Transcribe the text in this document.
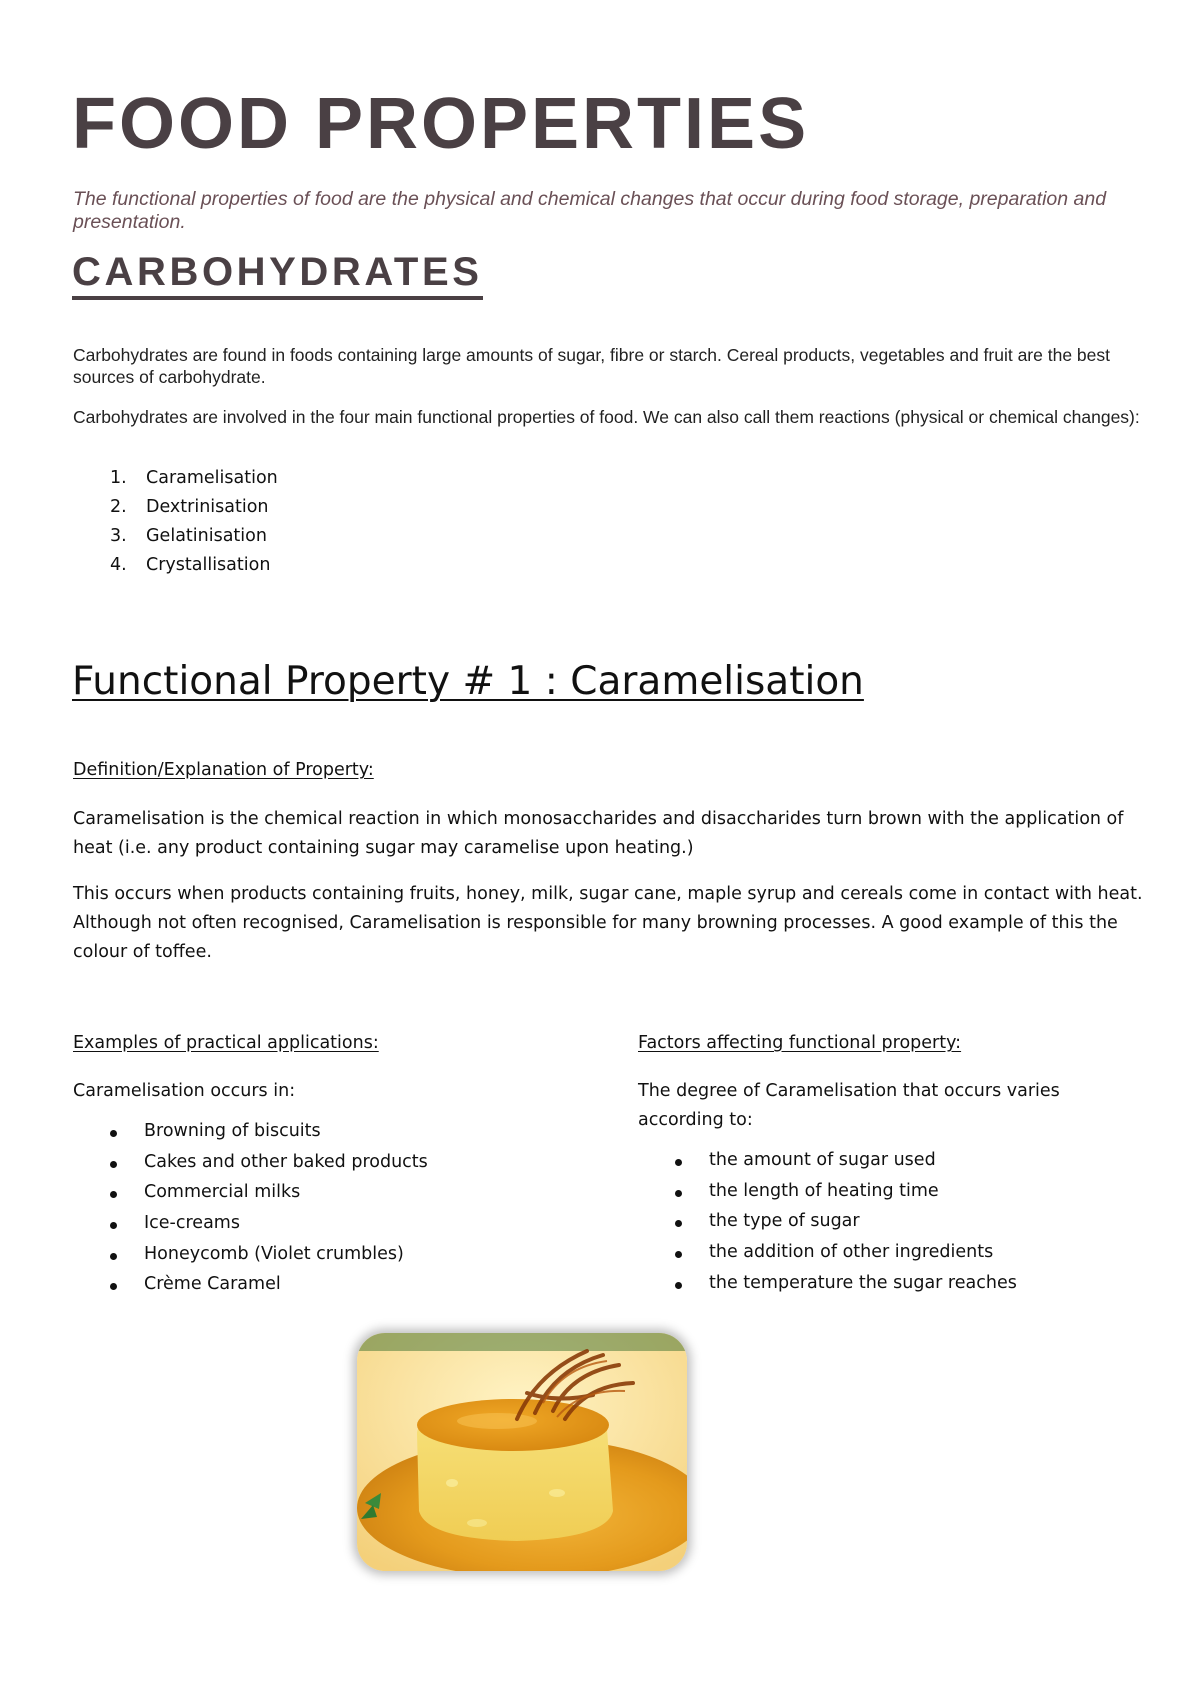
FOOD PROPERTIES

The functional properties of food are the physical and chemical changes that occur during food storage, preparation and presentation.

CARBOHYDRATES

Carbohydrates are found in foods containing large amounts of sugar, fibre or starch. Cereal products, vegetables and fruit are the best sources of carbohydrate.

Carbohydrates are involved in the four main functional properties of food. We can also call them reactions (physical or chemical changes):

1.	Caramelisation
2.	Dextrinisation
3.	Gelatinisation
4.	Crystallisation
Functional Property # 1 : Caramelisation

Definition/Explanation of Property:

Caramelisation is the chemical reaction in which monosaccharides and disaccharides turn brown with the application of heat (i.e. any product containing sugar may caramelise upon heating.)

This occurs when products containing fruits, honey, milk, sugar cane, maple syrup and cereals come in contact with heat. Although not often recognised, Caramelisation is responsible for many browning processes. A good example of this the colour of toffee.

Examples of practical applications:	Factors affecting functional property:

Caramelisation occurs in:	The degree of Caramelisation that occurs varies according to:

Browning of biscuits
Cakes and other baked products
Commercial milks
Ice-creams
Honeycomb (Violet crumbles)
Crème Caramel
the amount of sugar used
the length of heating time
the type of sugar
the addition of other ingredients
the temperature the sugar reaches
